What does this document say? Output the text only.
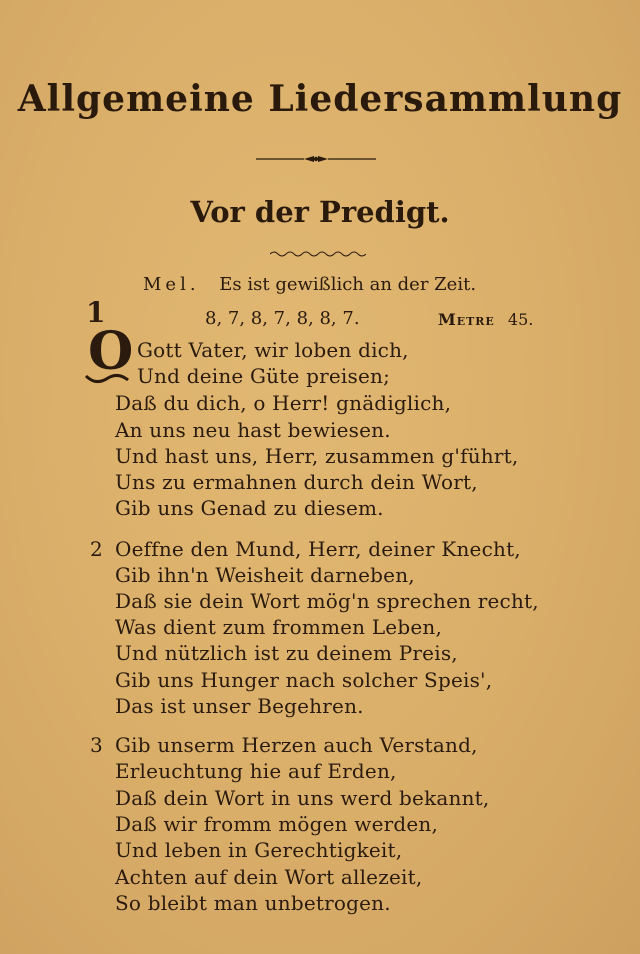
Allgemeine Liedersammlung
Vor der Predigt.
Mel. Es ist gewißlich an der Zeit.
1	8, 7, 8, 7, 8, 8, 7.	Metre 45.
O Gott Vater, wir loben dich,
Und deine Güte preisen;
Daß du dich, o Herr! gnädiglich,
An uns neu hast bewiesen.
Und hast uns, Herr, zusammen g'führt,
Uns zu ermahnen durch dein Wort,
Gib uns Genad zu diesem.
2 Oeffne den Mund, Herr, deiner Knecht,
Gib ihn'n Weisheit darneben,
Daß sie dein Wort mög'n sprechen recht,
Was dient zum frommen Leben,
Und nützlich ist zu deinem Preis,
Gib uns Hunger nach solcher Speis',
Das ist unser Begehren.
3 Gib unserm Herzen auch Verstand,
Erleuchtung hie auf Erden,
Daß dein Wort in uns werd bekannt,
Daß wir fromm mögen werden,
Und leben in Gerechtigkeit,
Achten auf dein Wort allezeit,
So bleibt man unbetrogen.
